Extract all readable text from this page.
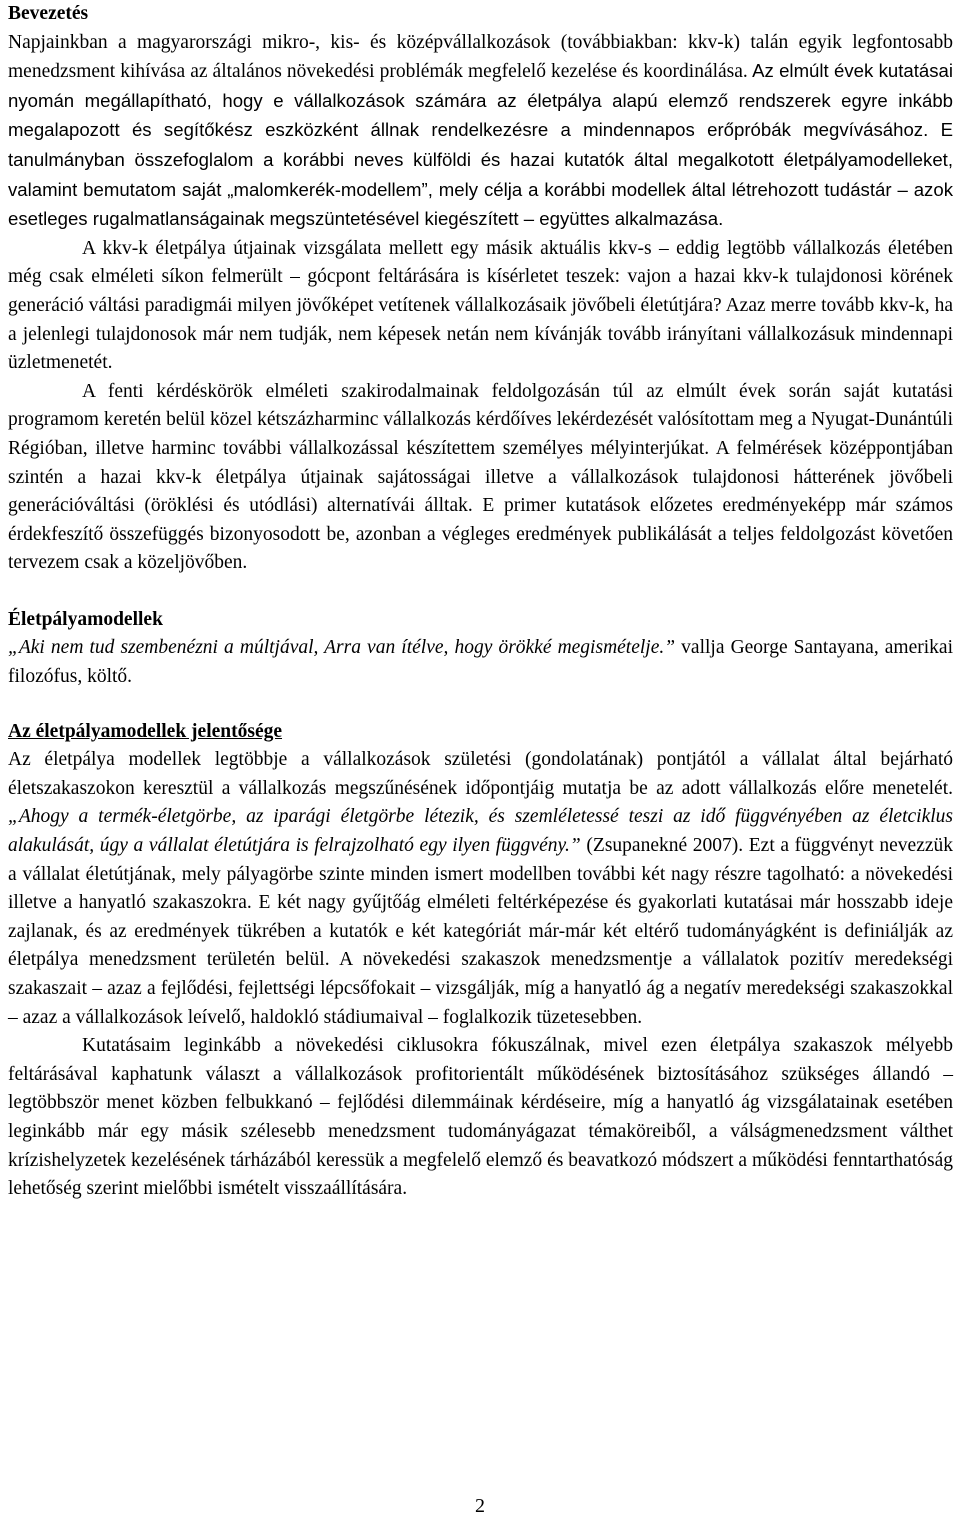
Bevezetés

Napjainkban a magyarországi mikro-, kis- és középvállalkozások (továbbiakban: kkv-k) talán egyik legfontosabb menedzsment kihívása az általános növekedési problémák megfelelő kezelése és koordinálása. Az elmúlt évek kutatásai nyomán megállapítható, hogy e vállalkozások számára az életpálya alapú elemző rendszerek egyre inkább megalapozott és segítőkész eszközként állnak rendelkezésre a mindennapos erőpróbák megvívásához. E tanulmányban összefoglalom a korábbi neves külföldi és hazai kutatók által megalkotott életpályamodelleket, valamint bemutatom saját „malomkerék-modellem”, mely célja a korábbi modellek által létrehozott tudástár – azok esetleges rugalmatlanságainak megszüntetésével kiegészített – együttes alkalmazása.

A kkv-k életpálya útjainak vizsgálata mellett egy másik aktuális kkv-s – eddig legtöbb vállalkozás életében még csak elméleti síkon felmerült – gócpont feltárására is kísérletet teszek: vajon a hazai kkv-k tulajdonosi körének generáció váltási paradigmái milyen jövőképet vetítenek vállalkozásaik jövőbeli életútjára? Azaz merre tovább kkv-k, ha a jelenlegi tulajdonosok már nem tudják, nem képesek netán nem kívánják tovább irányítani vállalkozásuk mindennapi üzletmenetét.

A fenti kérdéskörök elméleti szakirodalmainak feldolgozásán túl az elmúlt évek során saját kutatási programom keretén belül közel kétszázharminc vállalkozás kérdőíves lekérdezését valósítottam meg a Nyugat-Dunántúli Régióban, illetve harminc további vállalkozással készítettem személyes mélyinterjúkat. A felmérések középpontjában szintén a hazai kkv-k életpálya útjainak sajátosságai illetve a vállalkozások tulajdonosi hátterének jövőbeli generációváltási (öröklési és utódlási) alternatívái álltak. E primer kutatások előzetes eredményeképp már számos érdekfeszítő összefüggés bizonyosodott be, azonban a végleges eredmények publikálását a teljes feldolgozást követően tervezem csak a közeljövőben.

Életpályamodellek

„Aki nem tud szembenézni a múltjával, Arra van ítélve, hogy örökké megismételje.” vallja George Santayana, amerikai filozófus, költő.

Az életpályamodellek jelentősége

Az életpálya modellek legtöbbje a vállalkozások születési (gondolatának) pontjától a vállalat által bejárható életszakaszokon keresztül a vállalkozás megszűnésének időpontjáig mutatja be az adott vállalkozás előre menetelét. „Ahogy a termék-életgörbe, az iparági életgörbe létezik, és szemléletessé teszi az idő függvényében az életciklus alakulását, úgy a vállalat életútjára is felrajzolható egy ilyen függvény.” (Zsupanekné 2007). Ezt a függvényt nevezzük a vállalat életútjának, mely pályagörbe szinte minden ismert modellben további két nagy részre tagolható: a növekedési illetve a hanyatló szakaszokra. E két nagy gyűjtőág elméleti feltérképezése és gyakorlati kutatásai már hosszabb ideje zajlanak, és az eredmények tükrében a kutatók e két kategóriát már-már két eltérő tudományágként is definiálják az életpálya menedzsment területén belül. A növekedési szakaszok menedzsmentje a vállalatok pozitív meredekségi szakaszait – azaz a fejlődési, fejlettségi lépcsőfokait – vizsgálják, míg a hanyatló ág a negatív meredekségi szakaszokkal – azaz a vállalkozások leívelő, haldokló stádiumaival – foglalkozik tüzetesebben.

Kutatásaim leginkább a növekedési ciklusokra fókuszálnak, mivel ezen életpálya szakaszok mélyebb feltárásával kaphatunk választ a vállalkozások profitorientált működésének biztosításához szükséges állandó – legtöbbször menet közben felbukkanó – fejlődési dilemmáinak kérdéseire, míg a hanyatló ág vizsgálatainak esetében leginkább már egy másik szélesebb menedzsment tudományágazat témaköreiből, a válságmenedzsment válthet krízishelyzetek kezelésének tárházából keressük a megfelelő elemző és beavatkozó módszert a működési fenntarthatóság lehetőség szerint mielőbbi ismételt visszaállítására.

2
